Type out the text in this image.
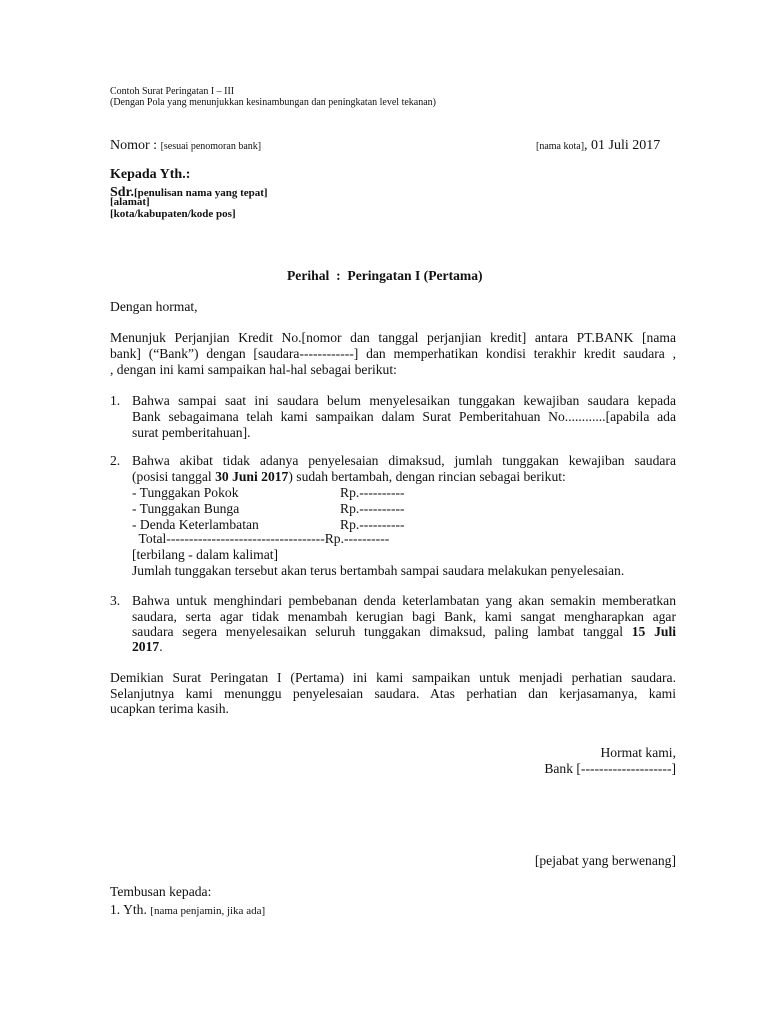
Contoh Surat Peringatan I – III
(Dengan Pola yang menunjukkan kesinambungan dan peningkatan level tekanan)
Nomor : [sesuai penomoran bank]	[nama kota], 01 Juli 2017
Kepada Yth.:
Sdr.[penulisan nama yang tepat]
[alamat]
[kota/kabupaten/kode pos]
Perihal  :  Peringatan I (Pertama)
Dengan hormat,
Menunjuk Perjanjian Kredit No.[nomor dan tanggal perjanjian kredit] antara PT.BANK [nama
bank] (“Bank”) dengan [saudara------------] dan memperhatikan kondisi terakhir kredit saudara ,
, dengan ini kami sampaikan hal-hal sebagai berikut:
1. Bahwa sampai saat ini saudara belum menyelesaikan tunggakan kewajiban saudara kepada
Bank sebagaimana telah kami sampaikan dalam Surat Pemberitahuan No............[apabila ada
surat pemberitahuan].
2. Bahwa akibat tidak adanya penyelesaian dimaksud, jumlah tunggakan kewajiban saudara
(posisi tanggal 30 Juni 2017) sudah bertambah, dengan rincian sebagai berikut:
- Tunggakan Pokok	Rp.----------
- Tunggakan Bunga	Rp.----------
- Denda Keterlambatan	Rp.----------
Total-----------------------------------Rp.----------
[terbilang - dalam kalimat]
Jumlah tunggakan tersebut akan terus bertambah sampai saudara melakukan penyelesaian.
3. Bahwa untuk menghindari pembebanan denda keterlambatan yang akan semakin memberatkan
saudara, serta agar tidak menambah kerugian bagi Bank, kami sangat mengharapkan agar
saudara segera menyelesaikan seluruh tunggakan dimaksud, paling lambat tanggal 15 Juli
2017.
Demikian Surat Peringatan I (Pertama) ini kami sampaikan untuk menjadi perhatian saudara.
Selanjutnya kami menunggu penyelesaian saudara. Atas perhatian dan kerjasamanya, kami
ucapkan terima kasih.
Hormat kami,
Bank [--------------------]
[pejabat yang berwenang]
Tembusan kepada:
1. Yth. [nama penjamin, jika ada]
